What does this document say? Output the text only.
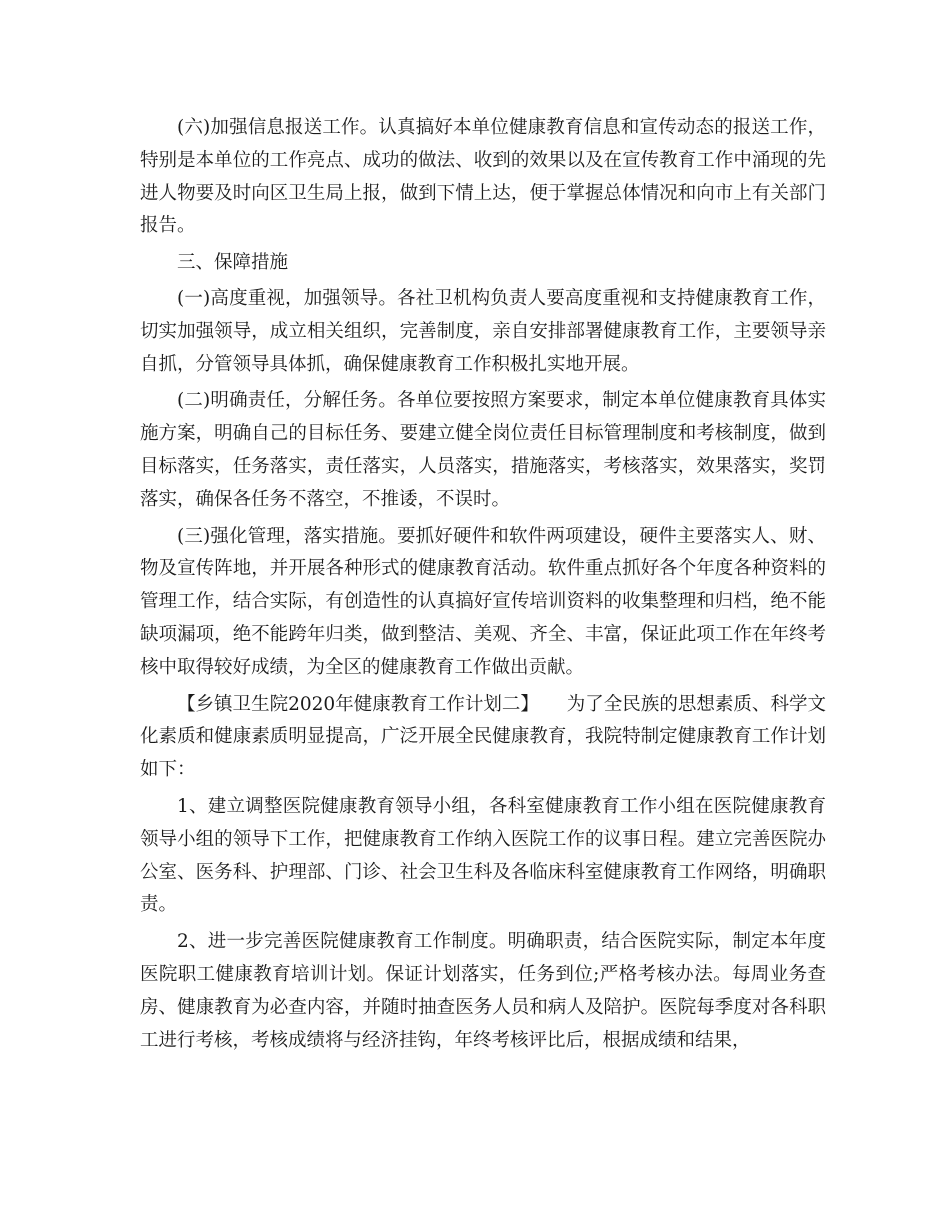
(六)加强信息报送工作。认真搞好本单位健康教育信息和宣传动态的报送工作，特别是本单位的工作亮点、成功的做法、收到的效果以及在宣传教育工作中涌现的先进人物要及时向区卫生局上报，做到下情上达，便于掌握总体情况和向市上有关部门报告。

三、保障措施

(一)高度重视，加强领导。各社卫机构负责人要高度重视和支持健康教育工作，切实加强领导，成立相关组织，完善制度，亲自安排部署健康教育工作，主要领导亲自抓，分管领导具体抓，确保健康教育工作积极扎实地开展。

(二)明确责任，分解任务。各单位要按照方案要求，制定本单位健康教育具体实施方案，明确自己的目标任务、要建立健全岗位责任目标管理制度和考核制度，做到目标落实，任务落实，责任落实，人员落实，措施落实，考核落实，效果落实，奖罚落实，确保各任务不落空，不推诿，不误时。

(三)强化管理，落实措施。要抓好硬件和软件两项建设，硬件主要落实人、财、物及宣传阵地，并开展各种形式的健康教育活动。软件重点抓好各个年度各种资料的管理工作，结合实际，有创造性的认真搞好宣传培训资料的收集整理和归档，绝不能缺项漏项，绝不能跨年归类，做到整洁、美观、齐全、丰富，保证此项工作在年终考核中取得较好成绩，为全区的健康教育工作做出贡献。

【乡镇卫生院2020年健康教育工作计划二】　　为了全民族的思想素质、科学文化素质和健康素质明显提高，广泛开展全民健康教育，我院特制定健康教育工作计划如下：

1、建立调整医院健康教育领导小组，各科室健康教育工作小组在医院健康教育领导小组的领导下工作，把健康教育工作纳入医院工作的议事日程。建立完善医院办公室、医务科、护理部、门诊、社会卫生科及各临床科室健康教育工作网络，明确职责。

2、进一步完善医院健康教育工作制度。明确职责，结合医院实际，制定本年度医院职工健康教育培训计划。保证计划落实，任务到位;严格考核办法。每周业务查房、健康教育为必查内容，并随时抽查医务人员和病人及陪护。医院每季度对各科职工进行考核，考核成绩将与经济挂钩，年终考核评比后，根据成绩和结果，
